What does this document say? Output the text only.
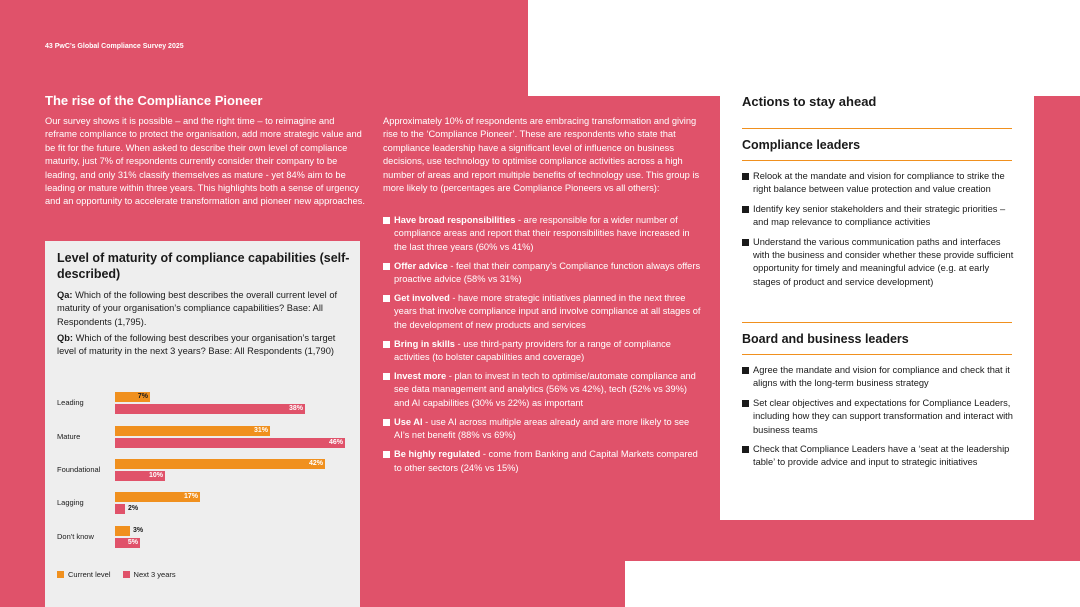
43 PwC’s Global Compliance Survey 2025
The rise of the Compliance Pioneer
Our survey shows it is possible – and the right time – to reimagine and reframe compliance to protect the organisation, add more strategic value and be fit for the future. When asked to describe their own level of compliance maturity, just 7% of respondents currently consider their company to be leading, and only 31% classify themselves as mature - yet 84% aim to be leading or mature within three years. This highlights both a sense of urgency and an opportunity to accelerate transformation and pioneer new approaches.
Level of maturity of compliance capabilities (self-described)
Qa: Which of the following best describes the overall current level of maturity of your organisation’s compliance capabilities? Base: All Respondents (1,795).
Qb: Which of the following best describes your organisation’s target level of maturity in the next 3 years? Base: All Respondents (1,790)
Leading
7%
38%
Mature
31%
46%
Foundational
42%
10%
Lagging
17%
2%
Don't know
3%
5%
Current level	Next 3 years
Approximately 10% of respondents are embracing transformation and giving rise to the ‘Compliance Pioneer’. These are respondents who state that compliance leadership have a significant level of influence on business decisions, use technology to optimise compliance activities across a high number of areas and report multiple benefits of technology use. This group is more likely to (percentages are Compliance Pioneers vs all others):
Have broad responsibilities - are responsible for a wider number of compliance areas and report that their responsibilities have increased in the last three years (60% vs 41%)
Offer advice - feel that their company’s Compliance function always offers proactive advice (58% vs 31%)
Get involved - have more strategic initiatives planned in the next three years that involve compliance input and involve compliance at all stages of the development of new products and services
Bring in skills - use third-party providers for a range of compliance activities (to bolster capabilities and coverage)
Invest more - plan to invest in tech to optimise/automate compliance and see data management and analytics (56% vs 42%), tech (52% vs 39%) and AI capabilities (30% vs 22%) as important
Use AI - use AI across multiple areas already and are more likely to see AI’s net benefit (88% vs 69%)
Be highly regulated - come from Banking and Capital Markets compared to other sectors (24% vs 15%)
Actions to stay ahead
Compliance leaders
Relook at the mandate and vision for compliance to strike the right balance between value protection and value creation
Identify key senior stakeholders and their strategic priorities – and map relevance to compliance activities
Understand the various communication paths and interfaces with the business and consider whether these provide sufficient opportunity for timely and meaningful advice (e.g. at early stages of product and service development)
Board and business leaders
Agree the mandate and vision for compliance and check that it aligns with the long-term business strategy
Set clear objectives and expectations for Compliance Leaders, including how they can support transformation and interact with business teams
Check that Compliance Leaders have a ‘seat at the leadership table’ to provide advice and input to strategic initiatives
